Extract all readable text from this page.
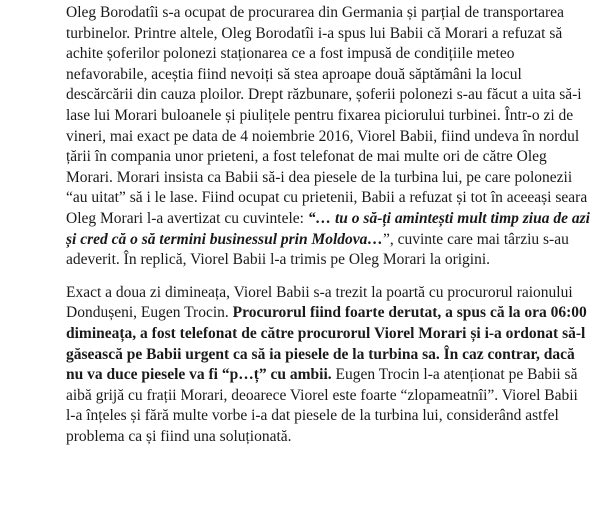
Oleg Borodatîi s-a ocupat de procurarea din Germania și parțial de transportarea turbinelor. Printre altele, Oleg Borodatîi i-a spus lui Babii că Morari a refuzat să achite șoferilor polonezi staționarea ce a fost impusă de condițiile meteo nefavorabile, aceștia fiind nevoiți să stea aproape două săptămâni la locul descărcării din cauza ploilor. Drept răzbunare, șoferii polonezi s-au făcut a uita să-i lase lui Morari buloanele și piulițele pentru fixarea piciorului turbinei. Într-o zi de vineri, mai exact pe data de 4 noiembrie 2016, Viorel Babii, fiind undeva în nordul țării în compania unor prieteni, a fost telefonat de mai multe ori de către Oleg Morari. Morari insista ca Babii să-i dea piesele de la turbina lui, pe care polonezii “au uitat” să i le lase. Fiind ocupat cu prietenii, Babii a refuzat și tot în aceeași seara Oleg Morari l-a avertizat cu cuvintele: “… tu o să-ți amintești mult timp ziua de azi și cred că o să termini businessul prin Moldova…”, cuvinte care mai târziu s-au adeverit. În replică, Viorel Babii l-a trimis pe Oleg Morari la origini.

Exact a doua zi dimineața, Viorel Babii s-a trezit la poartă cu procurorul raionului Dondușeni, Eugen Trocin. Procurorul fiind foarte derutat, a spus că la ora 06:00 dimineața, a fost telefonat de către procurorul Viorel Morari și i-a ordonat să-l găsească pe Babii urgent ca să ia piesele de la turbina sa. În caz contrar, dacă nu va duce piesele va fi “p…ț” cu ambii. Eugen Trocin l-a atenționat pe Babii să aibă grijă cu frații Morari, deoarece Viorel este foarte “zlopameatnîi”. Viorel Babii l-a înțeles și fără multe vorbe i-a dat piesele de la turbina lui, considerând astfel problema ca și fiind una soluționată.
